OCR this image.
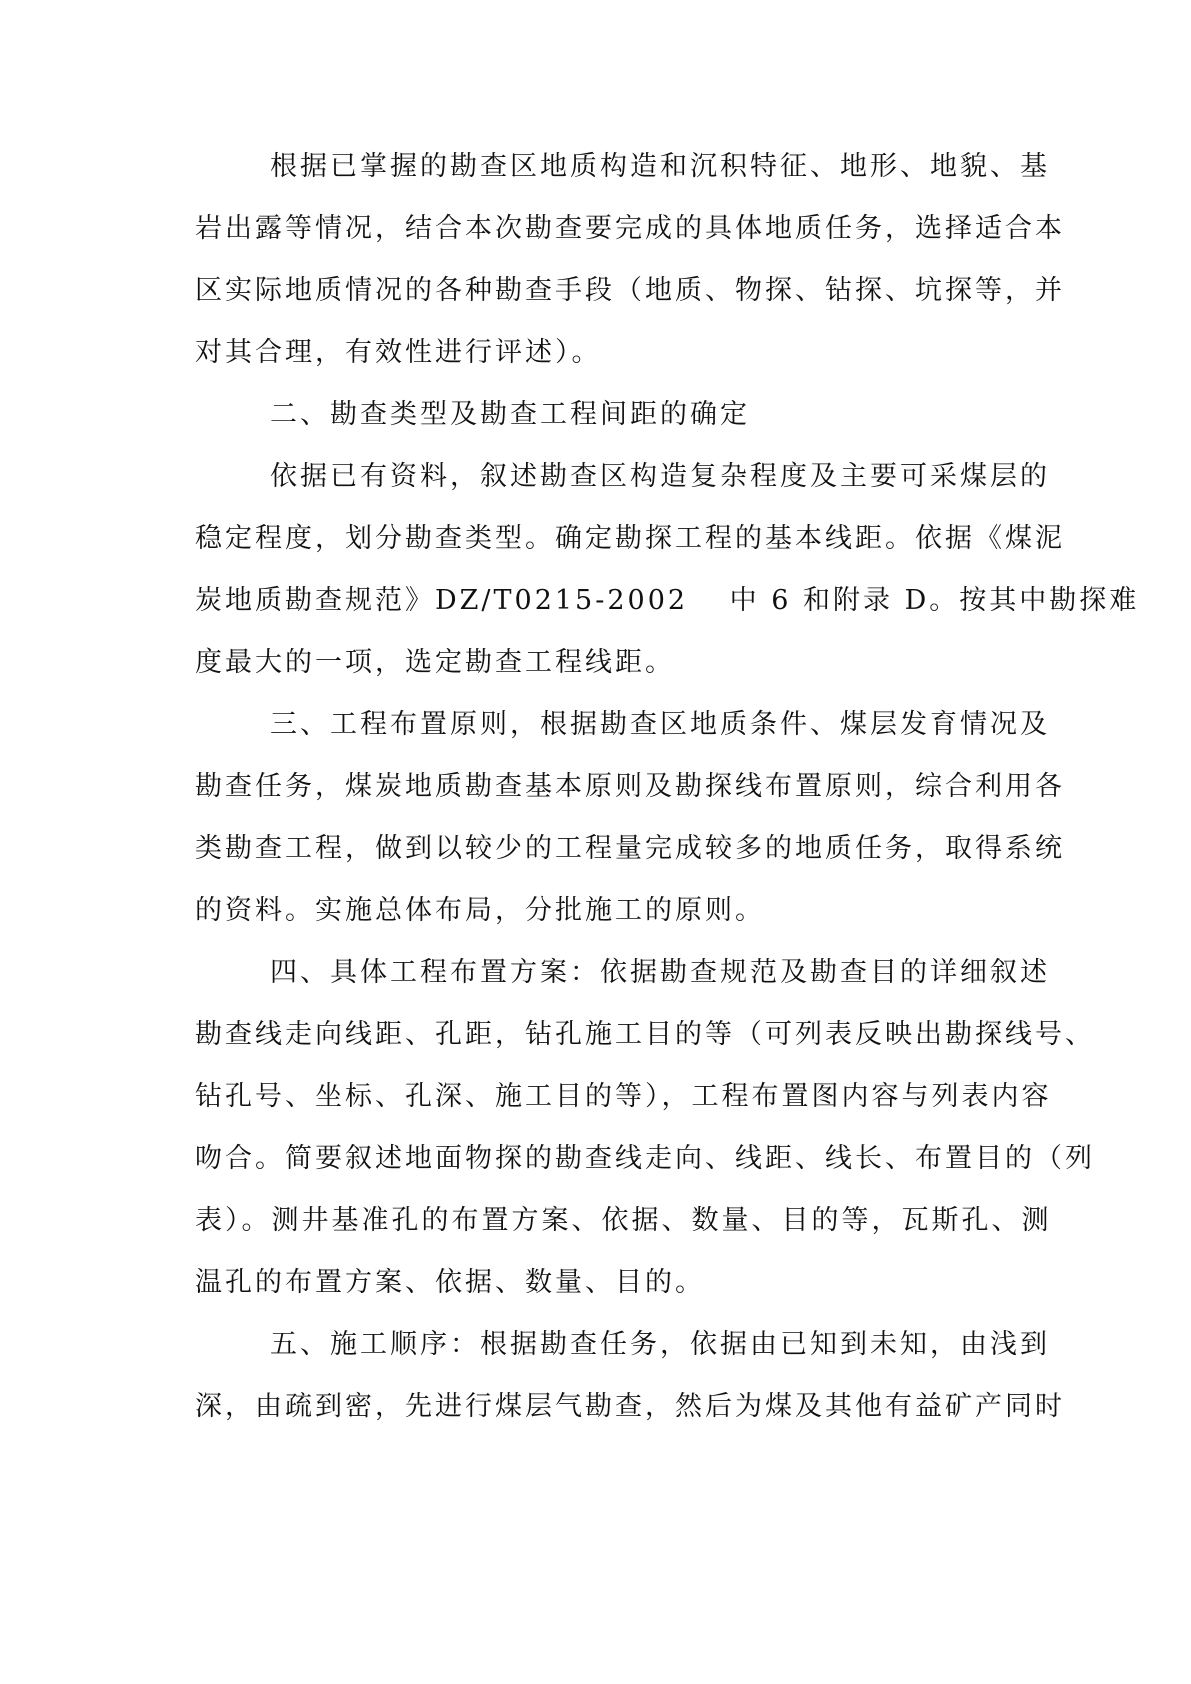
根据已掌握的勘查区地质构造和沉积特征、地形、地貌、基
岩出露等情况，结合本次勘查要完成的具体地质任务，选择适合本
区实际地质情况的各种勘查手段（地质、物探、钻探、坑探等，并
对其合理，有效性进行评述）。
二、勘查类型及勘查工程间距的确定
依据已有资料，叙述勘查区构造复杂程度及主要可采煤层的
稳定程度，划分勘查类型。确定勘探工程的基本线距。依据《煤泥
炭地质勘查规范》DZ/T0215-2002　 中 6 和附录 D。按其中勘探难
度最大的一项，选定勘查工程线距。
三、工程布置原则，根据勘查区地质条件、煤层发育情况及
勘查任务，煤炭地质勘查基本原则及勘探线布置原则，综合利用各
类勘查工程，做到以较少的工程量完成较多的地质任务，取得系统
的资料。实施总体布局，分批施工的原则。
四、具体工程布置方案：依据勘查规范及勘查目的详细叙述
勘查线走向线距、孔距，钻孔施工目的等（可列表反映出勘探线号、
钻孔号、坐标、孔深、施工目的等），工程布置图内容与列表内容
吻合。简要叙述地面物探的勘查线走向、线距、线长、布置目的（列
表）。测井基准孔的布置方案、依据、数量、目的等，瓦斯孔、测
温孔的布置方案、依据、数量、目的。
五、施工顺序：根据勘查任务，依据由已知到未知，由浅到
深，由疏到密，先进行煤层气勘查，然后为煤及其他有益矿产同时
